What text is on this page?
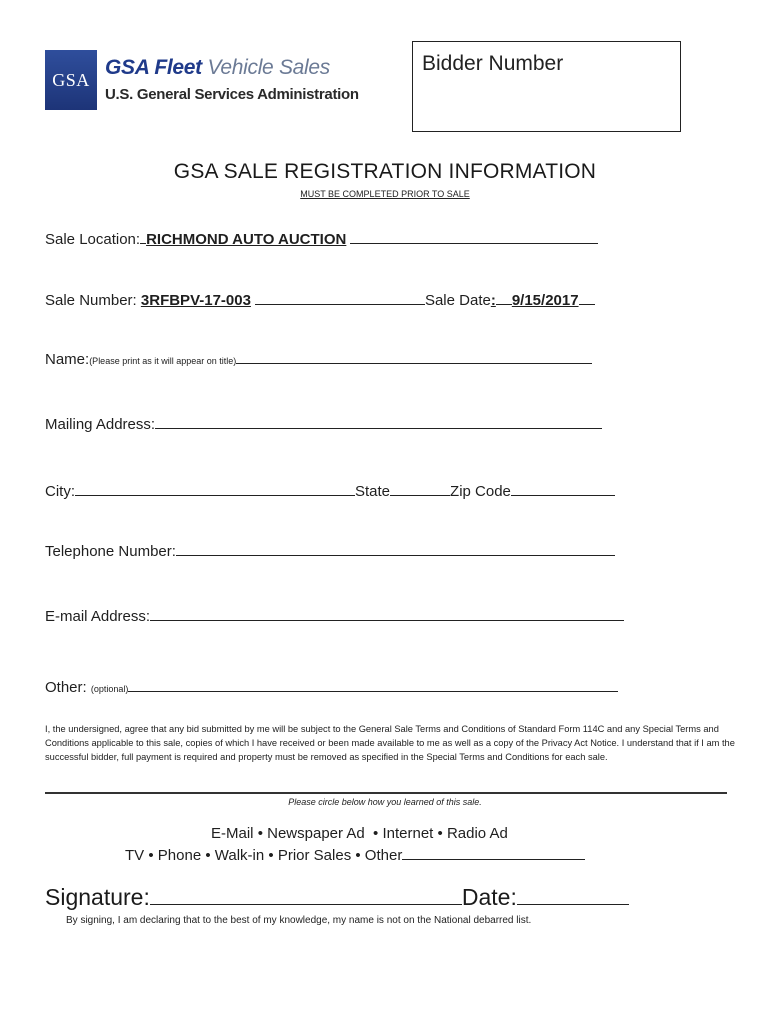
GSA
GSA Fleet Vehicle Sales
U.S. General Services Administration
Bidder Number
GSA SALE REGISTRATION INFORMATION
MUST BE COMPLETED PRIOR TO SALE
Sale Location: RICHMOND AUTO AUCTION
Sale Number: 3RFBPV-17-003	Sale Date: 9/15/2017
Name:(Please print as it will appear on title)
Mailing Address:
City:	State	Zip Code
Telephone Number:
E-mail Address:
Other: (optional)
I, the undersigned, agree that any bid submitted by me will be subject to the General Sale Terms and Conditions of Standard Form 114C and any Special Terms and Conditions applicable to this sale, copies of which I have received or been made available to me as well as a copy of the Privacy Act Notice. I understand that if I am the successful bidder, full payment is required and property must be removed as specified in the Special Terms and Conditions for each sale.
Please circle below how you learned of this sale.
E-Mail • Newspaper Ad • Internet • Radio Ad
TV • Phone • Walk-in • Prior Sales • Other
Signature:	Date:
By signing, I am declaring that to the best of my knowledge, my name is not on the National debarred list.
